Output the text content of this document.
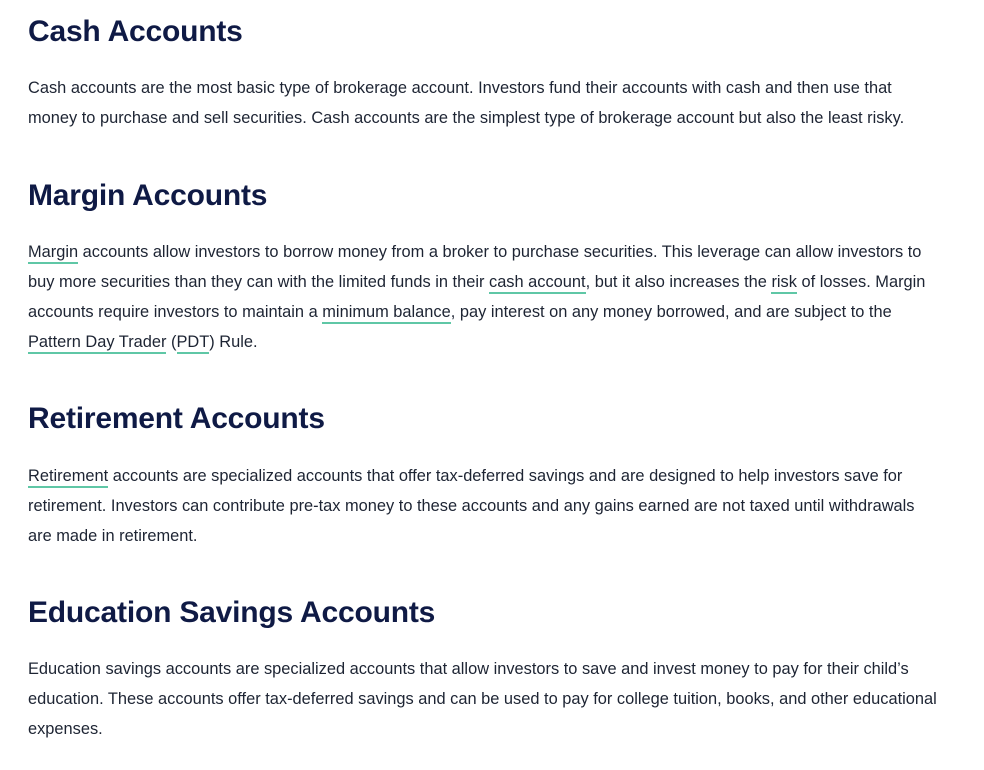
Cash Accounts

Cash accounts are the most basic type of brokerage account. Investors fund their accounts with cash and then use that money to purchase and sell securities. Cash accounts are the simplest type of brokerage account but also the least risky.

Margin Accounts

Margin accounts allow investors to borrow money from a broker to purchase securities. This leverage can allow investors to buy more securities than they can with the limited funds in their cash account, but it also increases the risk of losses. Margin accounts require investors to maintain a minimum balance, pay interest on any money borrowed, and are subject to the Pattern Day Trader (PDT) Rule.

Retirement Accounts

Retirement accounts are specialized accounts that offer tax-deferred savings and are designed to help investors save for retirement. Investors can contribute pre-tax money to these accounts and any gains earned are not taxed until withdrawals are made in retirement.

Education Savings Accounts

Education savings accounts are specialized accounts that allow investors to save and invest money to pay for their child’s education. These accounts offer tax-deferred savings and can be used to pay for college tuition, books, and other educational expenses.
